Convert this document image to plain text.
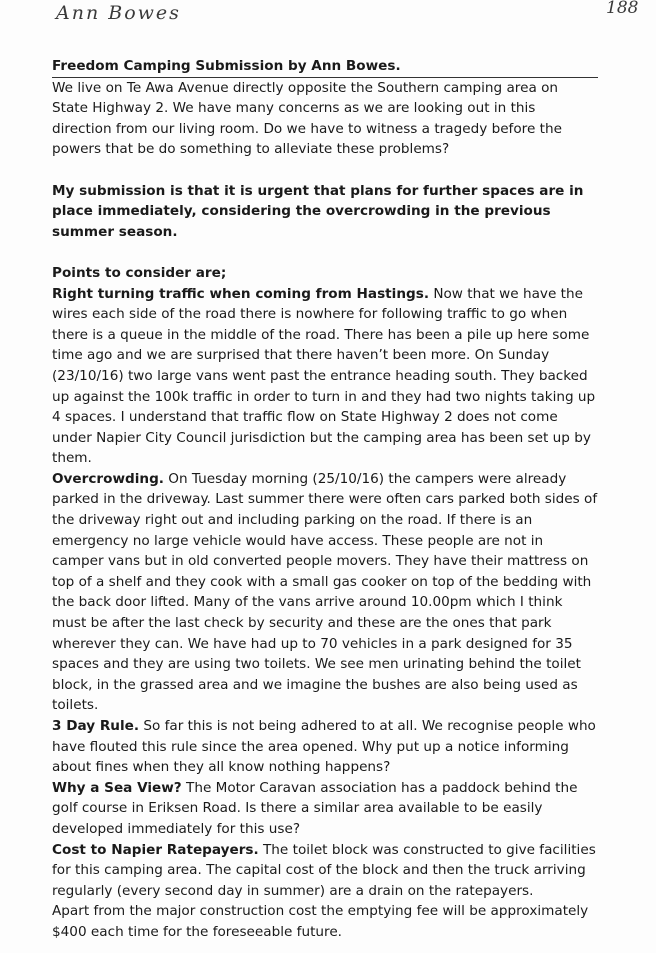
Ann Bowes	188
Freedom Camping Submission by Ann Bowes.

We live on Te Awa Avenue directly opposite the Southern camping area on State Highway 2. We have many concerns as we are looking out in this direction from our living room. Do we have to witness a tragedy before the powers that be do something to alleviate these problems?

My submission is that it is urgent that plans for further spaces are in place immediately, considering the overcrowding in the previous summer season.

Points to consider are;

Right turning traffic when coming from Hastings. Now that we have the wires each side of the road there is nowhere for following traffic to go when there is a queue in the middle of the road. There has been a pile up here some time ago and we are surprised that there haven’t been more. On Sunday (23/10/16) two large vans went past the entrance heading south. They backed up against the 100k traffic in order to turn in and they had two nights taking up 4 spaces. I understand that traffic flow on State Highway 2 does not come under Napier City Council jurisdiction but the camping area has been set up by them.

Overcrowding. On Tuesday morning (25/10/16) the campers were already parked in the driveway. Last summer there were often cars parked both sides of the driveway right out and including parking on the road. If there is an emergency no large vehicle would have access. These people are not in camper vans but in old converted people movers. They have their mattress on top of a shelf and they cook with a small gas cooker on top of the bedding with the back door lifted. Many of the vans arrive around 10.00pm which I think must be after the last check by security and these are the ones that park wherever they can. We have had up to 70 vehicles in a park designed for 35 spaces and they are using two toilets. We see men urinating behind the toilet block, in the grassed area and we imagine the bushes are also being used as toilets.

3 Day Rule. So far this is not being adhered to at all. We recognise people who have flouted this rule since the area opened. Why put up a notice informing about fines when they all know nothing happens?

Why a Sea View? The Motor Caravan association has a paddock behind the golf course in Eriksen Road. Is there a similar area available to be easily developed immediately for this use?

Cost to Napier Ratepayers. The toilet block was constructed to give facilities for this camping area. The capital cost of the block and then the truck arriving regularly (every second day in summer) are a drain on the ratepayers.

Apart from the major construction cost the emptying fee will be approximately $400 each time for the foreseeable future.
